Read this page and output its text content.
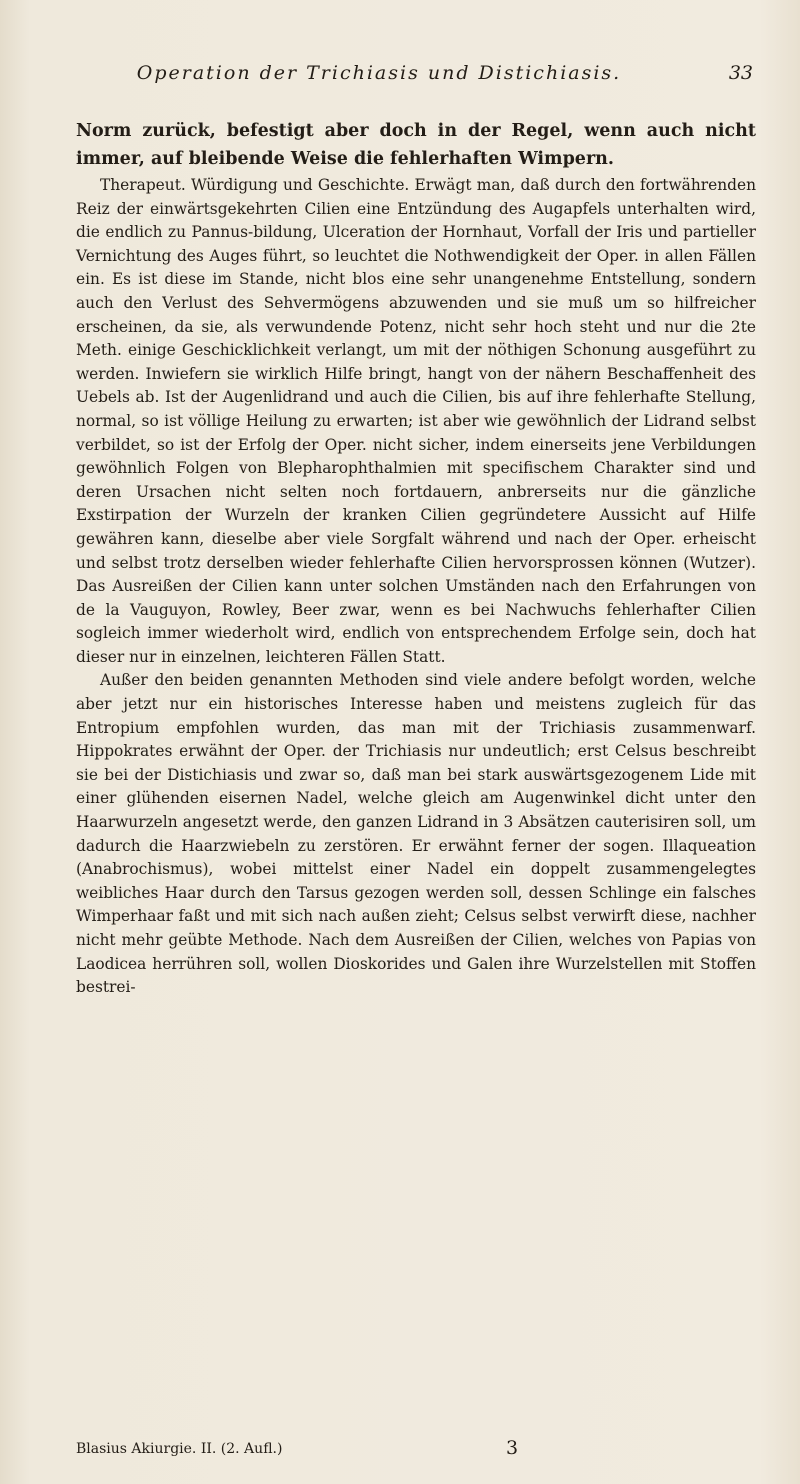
Operation der Trichiasis und Distichiasis.	33

Norm zurück, befestigt aber doch in der Regel, wenn auch nicht immer, auf bleibende Weise die fehlerhaften Wimpern.

Therapeut. Würdigung und Geschichte. Erwägt man, daß durch den fortwährenden Reiz der einwärtsgekehrten Cilien eine Entzündung des Augapfels unterhalten wird, die endlich zu Pannus-bildung, Ulceration der Hornhaut, Vorfall der Iris und partieller Vernichtung des Auges führt, so leuchtet die Nothwendigkeit der Oper. in allen Fällen ein. Es ist diese im Stande, nicht blos eine sehr unangenehme Entstellung, sondern auch den Verlust des Sehvermögens abzuwenden und sie muß um so hilfreicher erscheinen, da sie, als verwundende Potenz, nicht sehr hoch steht und nur die 2te Meth. einige Geschicklichkeit verlangt, um mit der nöthigen Schonung ausgeführt zu werden. Inwiefern sie wirklich Hilfe bringt, hangt von der nähern Beschaffenheit des Uebels ab. Ist der Augenlidrand und auch die Cilien, bis auf ihre fehlerhafte Stellung, normal, so ist völlige Heilung zu erwarten; ist aber wie gewöhnlich der Lidrand selbst verbildet, so ist der Erfolg der Oper. nicht sicher, indem einerseits jene Verbildungen gewöhnlich Folgen von Blepharophthalmien mit specifischem Charakter sind und deren Ursachen nicht selten noch fortdauern, anbrerseits nur die gänzliche Exstirpation der Wurzeln der kranken Cilien gegründetere Aussicht auf Hilfe gewähren kann, dieselbe aber viele Sorgfalt während und nach der Oper. erheischt und selbst trotz derselben wieder fehlerhafte Cilien hervorsprossen können (Wutzer). Das Ausreißen der Cilien kann unter solchen Umständen nach den Erfahrungen von de la Vauguyon, Rowley, Beer zwar, wenn es bei Nachwuchs fehlerhafter Cilien sogleich immer wiederholt wird, endlich von entsprechendem Erfolge sein, doch hat dieser nur in einzelnen, leichteren Fällen Statt.

Außer den beiden genannten Methoden sind viele andere befolgt worden, welche aber jetzt nur ein historisches Interesse haben und meistens zugleich für das Entropium empfohlen wurden, das man mit der Trichiasis zusammenwarf. Hippokrates erwähnt der Oper. der Trichiasis nur undeutlich; erst Celsus beschreibt sie bei der Distichiasis und zwar so, daß man bei stark auswärtsgezogenem Lide mit einer glühenden eisernen Nadel, welche gleich am Augenwinkel dicht unter den Haarwurzeln angesetzt werde, den ganzen Lidrand in 3 Absätzen cauterisiren soll, um dadurch die Haarzwiebeln zu zerstören. Er erwähnt ferner der sogen. Illaqueation (Anabrochismus), wobei mittelst einer Nadel ein doppelt zusammengelegtes weibliches Haar durch den Tarsus gezogen werden soll, dessen Schlinge ein falsches Wimperhaar faßt und mit sich nach außen zieht; Celsus selbst verwirft diese, nachher nicht mehr geübte Methode. Nach dem Ausreißen der Cilien, welches von Papias von Laodicea herrühren soll, wollen Dioskorides und Galen ihre Wurzelstellen mit Stoffen bestrei-

Blasius Akiurgie. II. (2. Aufl.)	3
